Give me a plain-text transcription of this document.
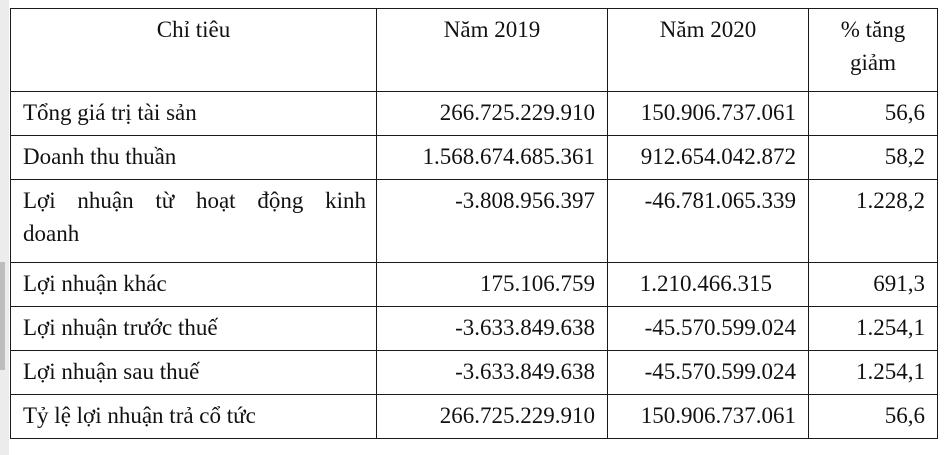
Chỉ tiêu	Năm 2019	Năm 2020	% tăng giảm
Tổng giá trị tài sản	266.725.229.910	150.906.737.061	56,6
Doanh thu thuần	1.568.674.685.361	912.654.042.872	58,2
Lợi nhuận từ hoạt động kinh doanh	-3.808.956.397	-46.781.065.339	1.228,2
Lợi nhuận khác	175.106.759	1.210.466.315	691,3
Lợi nhuận trước thuế	-3.633.849.638	-45.570.599.024	1.254,1
Lợi nhuận sau thuế	-3.633.849.638	-45.570.599.024	1.254,1
Tỷ lệ lợi nhuận trả cổ tức	266.725.229.910	150.906.737.061	56,6
